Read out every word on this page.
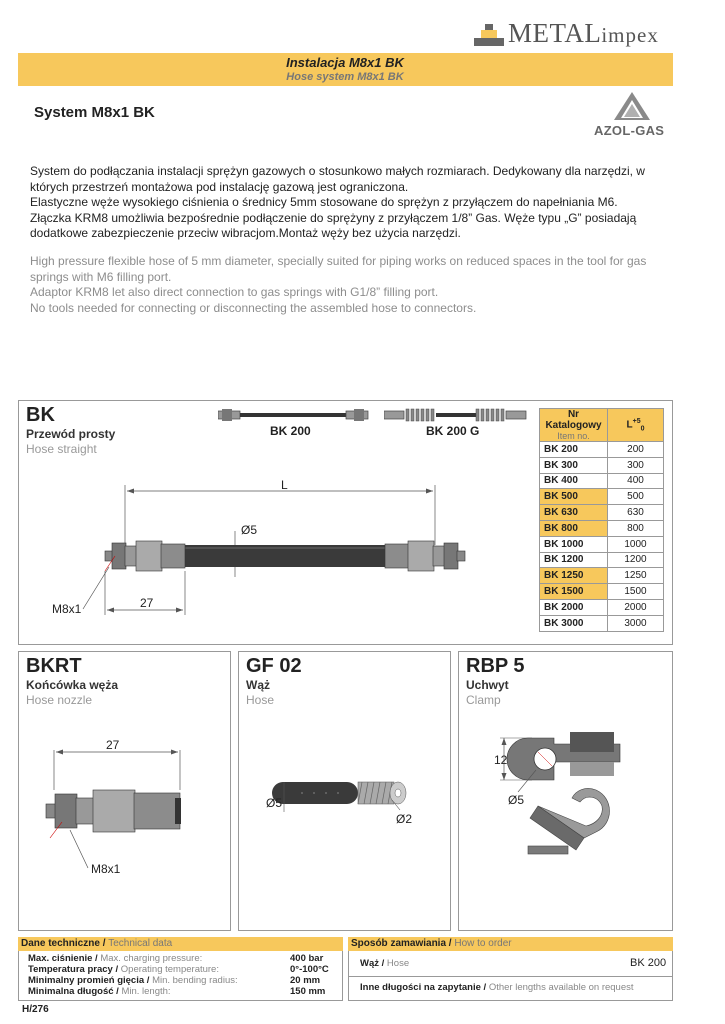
METALimpex
Instalacja M8x1 BK
Hose system M8x1 BK
System M8x1 BK
AZOL-GAS
System do podłączania instalacji sprężyn gazowych o stosunkowo małych rozmiarach. Dedykowany dla narzędzi, w
których przestrzeń montażowa pod instalację gazową jest ograniczona.
Elastyczne węże wysokiego ciśnienia o średnicy 5mm stosowane do sprężyn z przyłączem do napełniania M6.
Złączka KRM8 umożliwia bezpośrednie podłączenie do sprężyny z przyłączem 1/8” Gas. Węże typu „G” posiadają
dodatkowe zabezpieczenie przeciw wibracjom.Montaż węży bez użycia narzędzi.
High pressure flexible hose of 5 mm diameter, specially suited for piping works on reduced spaces in the tool for gas
springs with M6 filling port.
Adaptor KRM8 let also direct connection to gas springs with G1/8” filling port.
No tools needed for connecting or disconnecting the assembled hose to connectors.
BK
Przewód prosty
Hose straight
BK 200	BK 200 G
L
Ø5
27
M8x1
Nr Katalogowy
Item no.	$L^{+5}_0$
BK 200	200
BK 300	300
BK 400	400
BK 500	500
BK 630	630
BK 800	800
BK 1000	1000
BK 1200	1200
BK 1250	1250
BK 1500	1500
BK 2000	2000
BK 3000	3000
BKRT
Końcówka węża
Hose nozzle
27
M8x1
GF 02
Wąż
Hose
Ø5
Ø2
RBP 5
Uchwyt
Clamp
12
Ø5
Dane techniczne / Technical data
Max. ciśnienie / Max. charging pressure:	400 bar
Temperatura pracy / Operating temperature:	0°-100°C
Minimalny promień gięcia / Min. bending radius:	20 mm
Minimalna długość / Min. length:	150 mm
Sposób zamawiania / How to order
Wąż / Hose	BK 200
Inne długości na zapytanie / Other lengths available on request
H/276
